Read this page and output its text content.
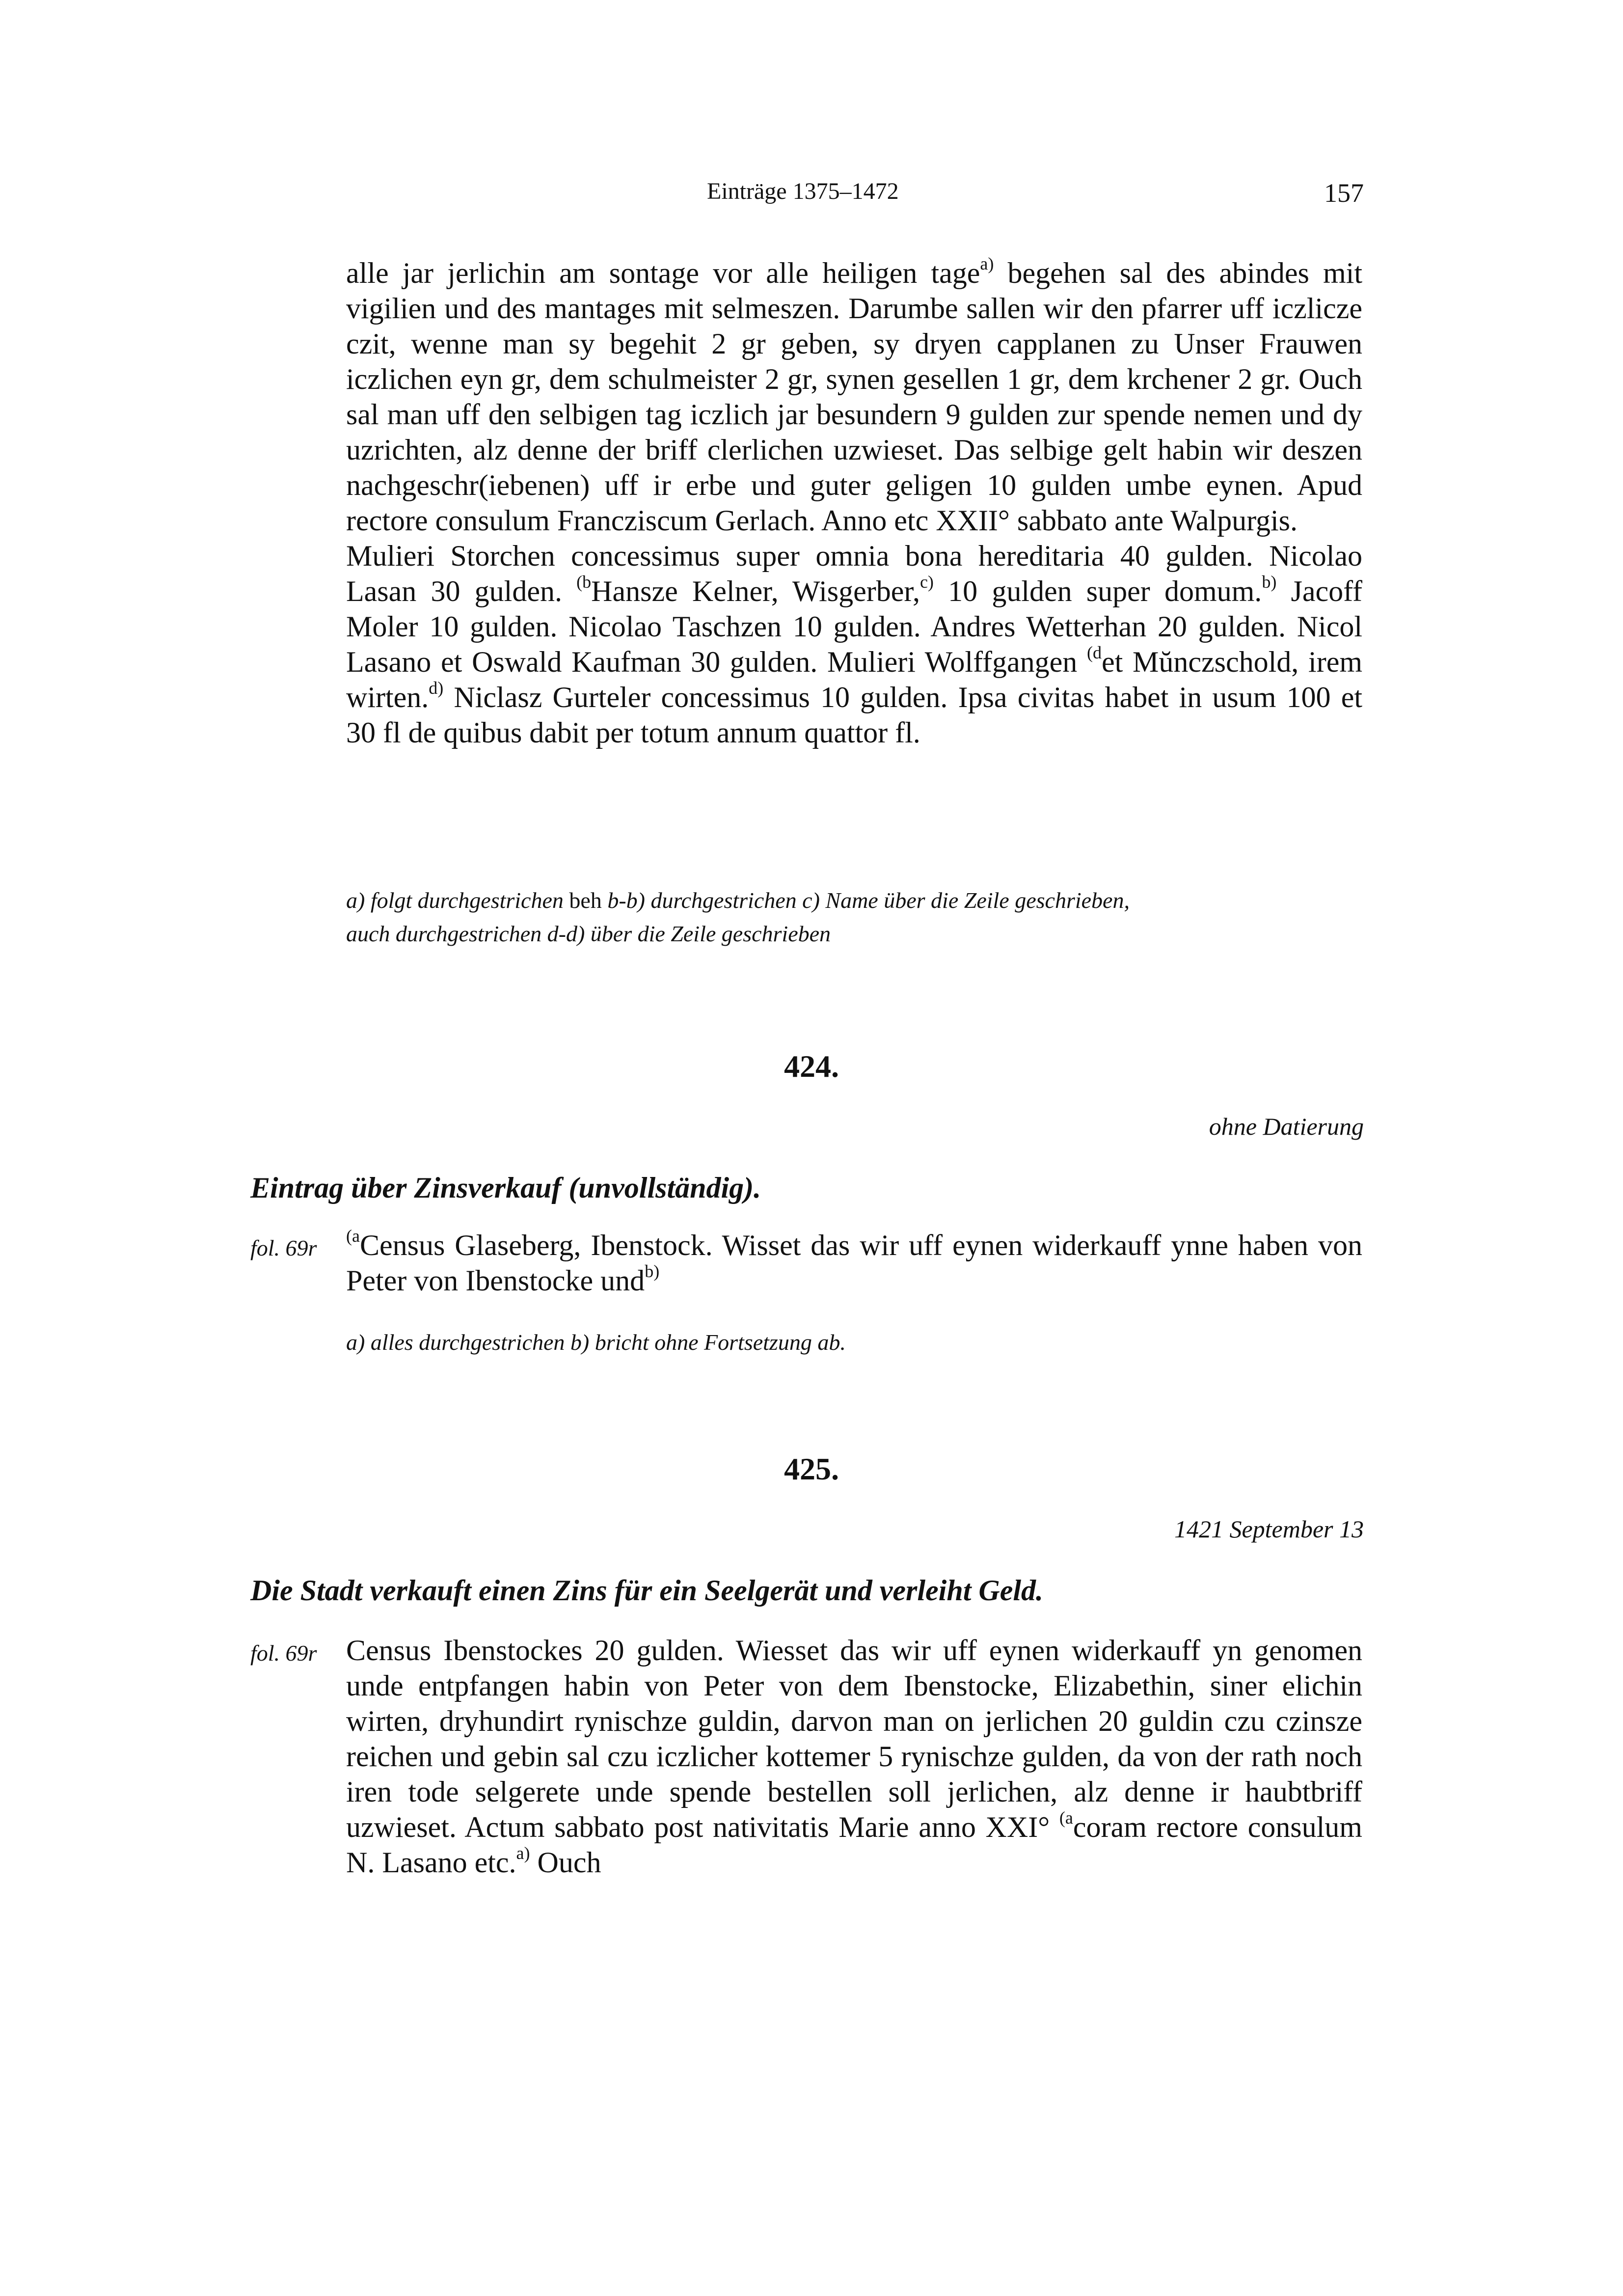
Einträge 1375–1472	157

alle jar jerlichin am sontage vor alle heiligen tage$^{a)}$ begehen sal des abindes mit vigilien und des mantages mit selmeszen. Darumbe sallen wir den pfarrer uff iczlicze czit, wenne man sy begehit 2 gr geben, sy dryen capplanen zu Unser Frauwen iczlichen eyn gr, dem schulmeister 2 gr, synen gesellen 1 gr, dem krchener 2 gr. Ouch sal man uff den selbigen tag iczlich jar besundern 9 gulden zur spende nemen und dy uzrichten, alz denne der briff clerlichen uzwieset. Das selbige gelt habin wir deszen nachgeschr(iebenen) uff ir erbe und guter geligen 10 gulden umbe eynen. Apud rectore consulum Francziscum Gerlach. Anno etc XXII° sabbato ante Walpurgis.

Mulieri Storchen concessimus super omnia bona hereditaria 40 gulden. Nicolao Lasan 30 gulden. $^{(b}$Hansze Kelner, Wisgerber,$^{c)}$ 10 gulden super domum.$^{b)}$ Jacoff Moler 10 gulden. Nicolao Taschzen 10 gulden. Andres Wetterhan 20 gulden. Nicol Lasano et Oswald Kaufman 30 gulden. Mulieri Wolffgangen $^{(d}$et Mŭnczschold, irem wirten.$^{d)}$ Niclasz Gurteler concessimus 10 gulden. Ipsa civitas habet in usum 100 et 30 fl de quibus dabit per totum annum quattor fl.

a) folgt durchgestrichen beh b-b) durchgestrichen c) Name über die Zeile geschrieben,

auch durchgestrichen d-d) über die Zeile geschrieben

424.
ohne Datierung
Eintrag über Zinsverkauf (unvollständig).
fol. 69r $^{(a}$Census Glaseberg, Ibenstock. Wisset das wir uff eynen widerkauff ynne haben von Peter von Ibenstocke und$^{b)}$

a) alles durchgestrichen b) bricht ohne Fortsetzung ab.
425.
1421 September 13
Die Stadt verkauft einen Zins für ein Seelgerät und verleiht Geld.
fol. 69r Census Ibenstockes 20 gulden. Wiesset das wir uff eynen widerkauff yn genomen unde entpfangen habin von Peter von dem Ibenstocke, Elizabethin, siner elichin wirten, dryhundirt rynischze guldin, darvon man on jerlichen 20 guldin czu czinsze reichen und gebin sal czu iczlicher kottemer 5 rynischze gulden, da von der rath noch iren tode selgerete unde spende bestellen soll jerlichen, alz denne ir haubtbriff uzwieset. Actum sabbato post nativitatis Marie anno XXI° $^{(a}$coram rectore consulum N. Lasano etc.$^{a)}$ Ouch
